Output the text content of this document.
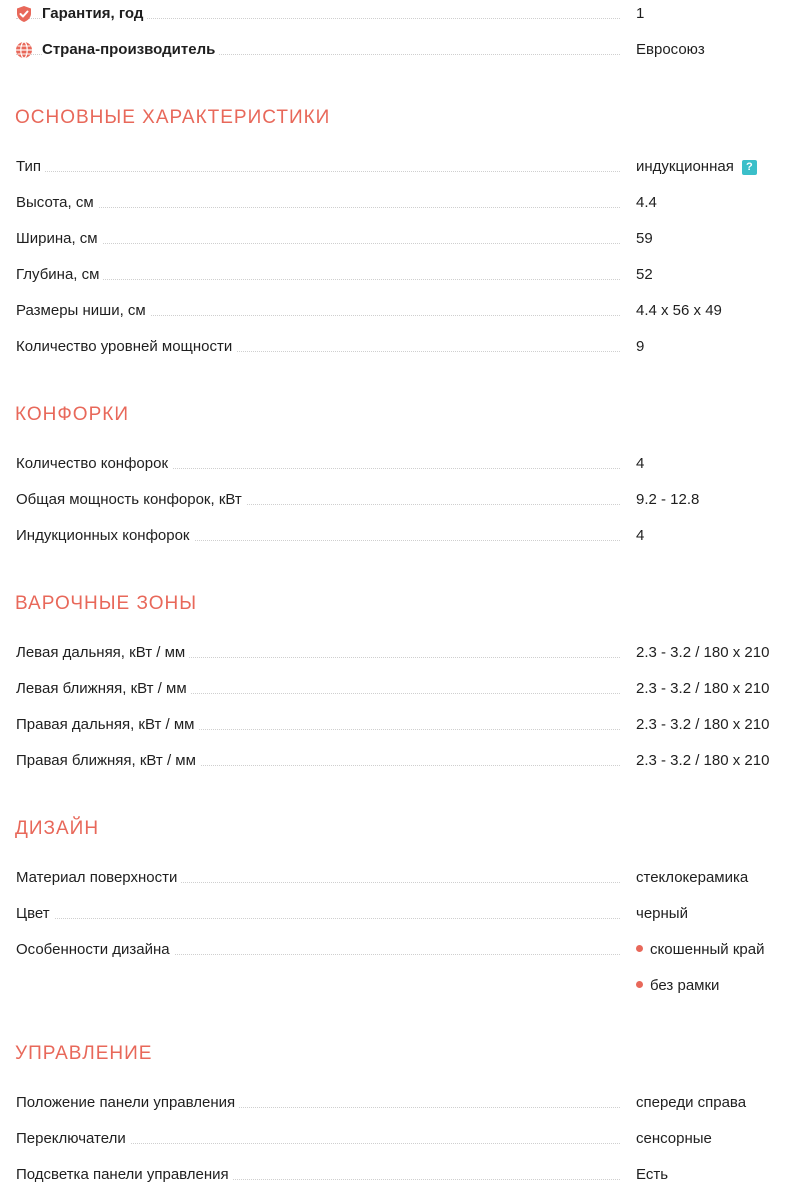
Гарантия, год	1
Страна-производитель	Евросоюз
ОСНОВНЫЕ ХАРАКТЕРИСТИКИ
Тип	индукционная ?
Высота, см	4.4
Ширина, см	59
Глубина, см	52
Размеры ниши, см	4.4 x 56 x 49
Количество уровней мощности	9
КОНФОРКИ
Количество конфорок	4
Общая мощность конфорок, кВт	9.2 - 12.8
Индукционных конфорок	4
ВАРОЧНЫЕ ЗОНЫ
Левая дальняя, кВт / мм	2.3 - 3.2 / 180 x 210
Левая ближняя, кВт / мм	2.3 - 3.2 / 180 x 210
Правая дальняя, кВт / мм	2.3 - 3.2 / 180 x 210
Правая ближняя, кВт / мм	2.3 - 3.2 / 180 x 210
ДИЗАЙН
Материал поверхности	стеклокерамика
Цвет	черный
Особенности дизайна	скошенный край
без рамки
УПРАВЛЕНИЕ
Положение панели управления	спереди справа
Переключатели	сенсорные
Подсветка панели управления	Есть
